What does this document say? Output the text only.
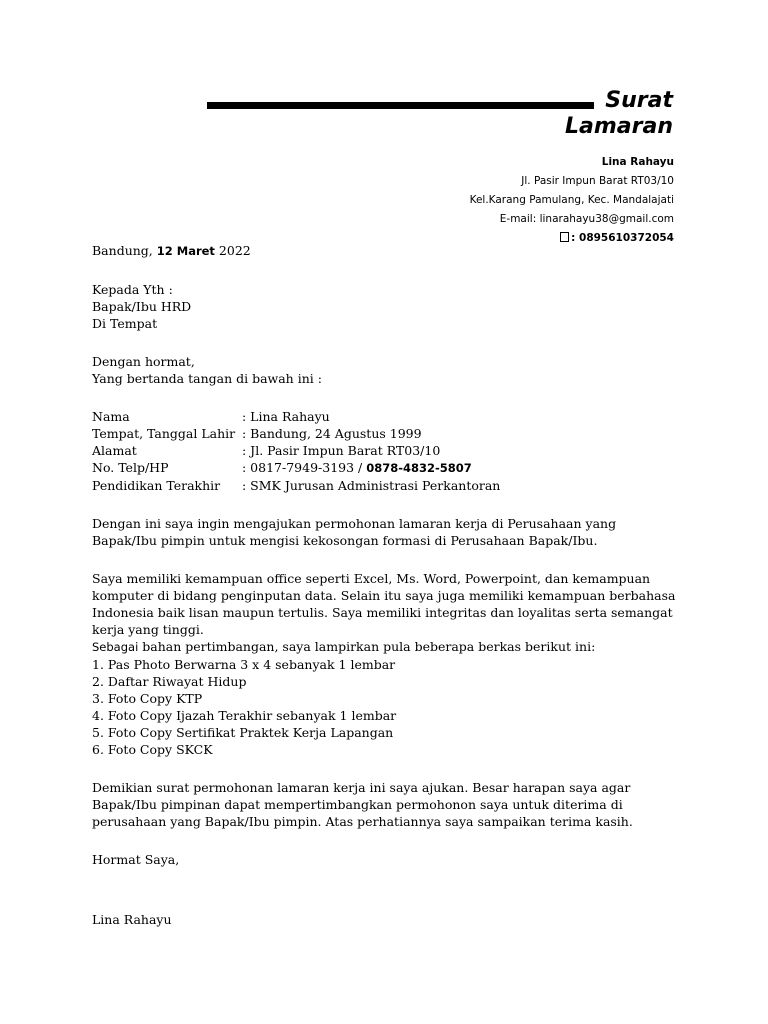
Surat
Lamaran
Lina Rahayu
Jl. Pasir Impun Barat RT03/10
Kel.Karang Pamulang, Kec. Mandalajati
E-mail: linarahayu38@gmail.com
: 0895610372054

Bandung, 12 Maret 2022

Kepada Yth :

Bapak/Ibu HRD

Di Tempat

Dengan hormat,

Yang bertanda tangan di bawah ini :

Nama	: Lina Rahayu
Tempat, Tanggal Lahir : Bandung, 24 Agustus 1999
Alamat	: Jl. Pasir Impun Barat RT03/10
No. Telp/HP	: 0817-7949-3193 / 0878-4832-5807
Pendidikan Terakhir	: SMK Jurusan Administrasi Perkantoran

Dengan ini saya ingin mengajukan permohonan lamaran kerja di Perusahaan yang

Bapak/Ibu pimpin untuk mengisi kekosongan formasi di Perusahaan Bapak/Ibu.

Saya memiliki kemampuan office seperti Excel, Ms. Word, Powerpoint, dan kemampuan

komputer di bidang penginputan data. Selain itu saya juga memiliki kemampuan berbahasa

Indonesia baik lisan maupun tertulis. Saya memiliki integritas dan loyalitas serta semangat

kerja yang tinggi.

Sebagai bahan pertimbangan, saya lampirkan pula beberapa berkas berikut ini:

1. Pas Photo Berwarna 3 x 4 sebanyak 1 lembar

2. Daftar Riwayat Hidup

3. Foto Copy KTP

4. Foto Copy Ijazah Terakhir sebanyak 1 lembar

5. Foto Copy Sertifikat Praktek Kerja Lapangan

6. Foto Copy SKCK

Demikian surat permohonan lamaran kerja ini saya ajukan. Besar harapan saya agar

Bapak/Ibu pimpinan dapat mempertimbangkan permohonon saya untuk diterima di

perusahaan yang Bapak/Ibu pimpin. Atas perhatiannya saya sampaikan terima kasih.

Hormat Saya,

Lina Rahayu
